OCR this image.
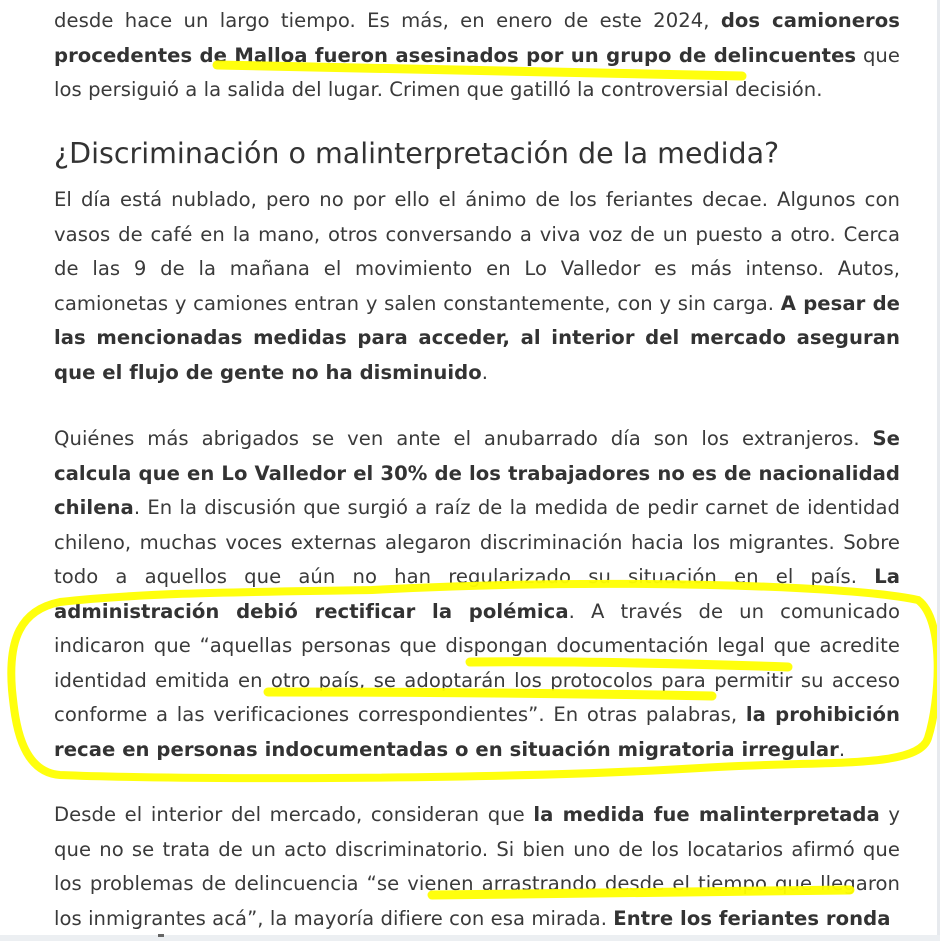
desde hace un largo tiempo. Es más, en enero de este 2024, dos camioneros procedentes de Malloa fueron asesinados por un grupo de delincuentes que los persiguió a la salida del lugar. Crimen que gatilló la controversial decisión.

¿Discriminación o malinterpretación de la medida?

El día está nublado, pero no por ello el ánimo de los feriantes decae. Algunos con vasos de café en la mano, otros conversando a viva voz de un puesto a otro. Cerca de las 9 de la mañana el movimiento en Lo Valledor es más intenso. Autos, camionetas y camiones entran y salen constantemente, con y sin carga. A pesar de las mencionadas medidas para acceder, al interior del mercado aseguran que el flujo de gente no ha disminuido.

Quiénes más abrigados se ven ante el anubarrado día son los extranjeros. Se calcula que en Lo Valledor el 30% de los trabajadores no es de nacionalidad chilena. En la discusión que surgió a raíz de la medida de pedir carnet de identidad chileno, muchas voces externas alegaron discriminación hacia los migrantes. Sobre todo a aquellos que aún no han regularizado su situación en el país. La administración debió rectificar la polémica. A través de un comunicado indicaron que “aquellas personas que dispongan documentación legal que acredite identidad emitida en otro país, se adoptarán los protocolos para permitir su acceso conforme a las verificaciones correspondientes”. En otras palabras, la prohibición recae en personas indocumentadas o en situación migratoria irregular.

Desde el interior del mercado, consideran que la medida fue malinterpretada y que no se trata de un acto discriminatorio. Si bien uno de los locatarios afirmó que los problemas de delincuencia “se vienen arrastrando desde el tiempo que llegaron los inmigrantes acá”, la mayoría difiere con esa mirada. Entre los feriantes ronda
